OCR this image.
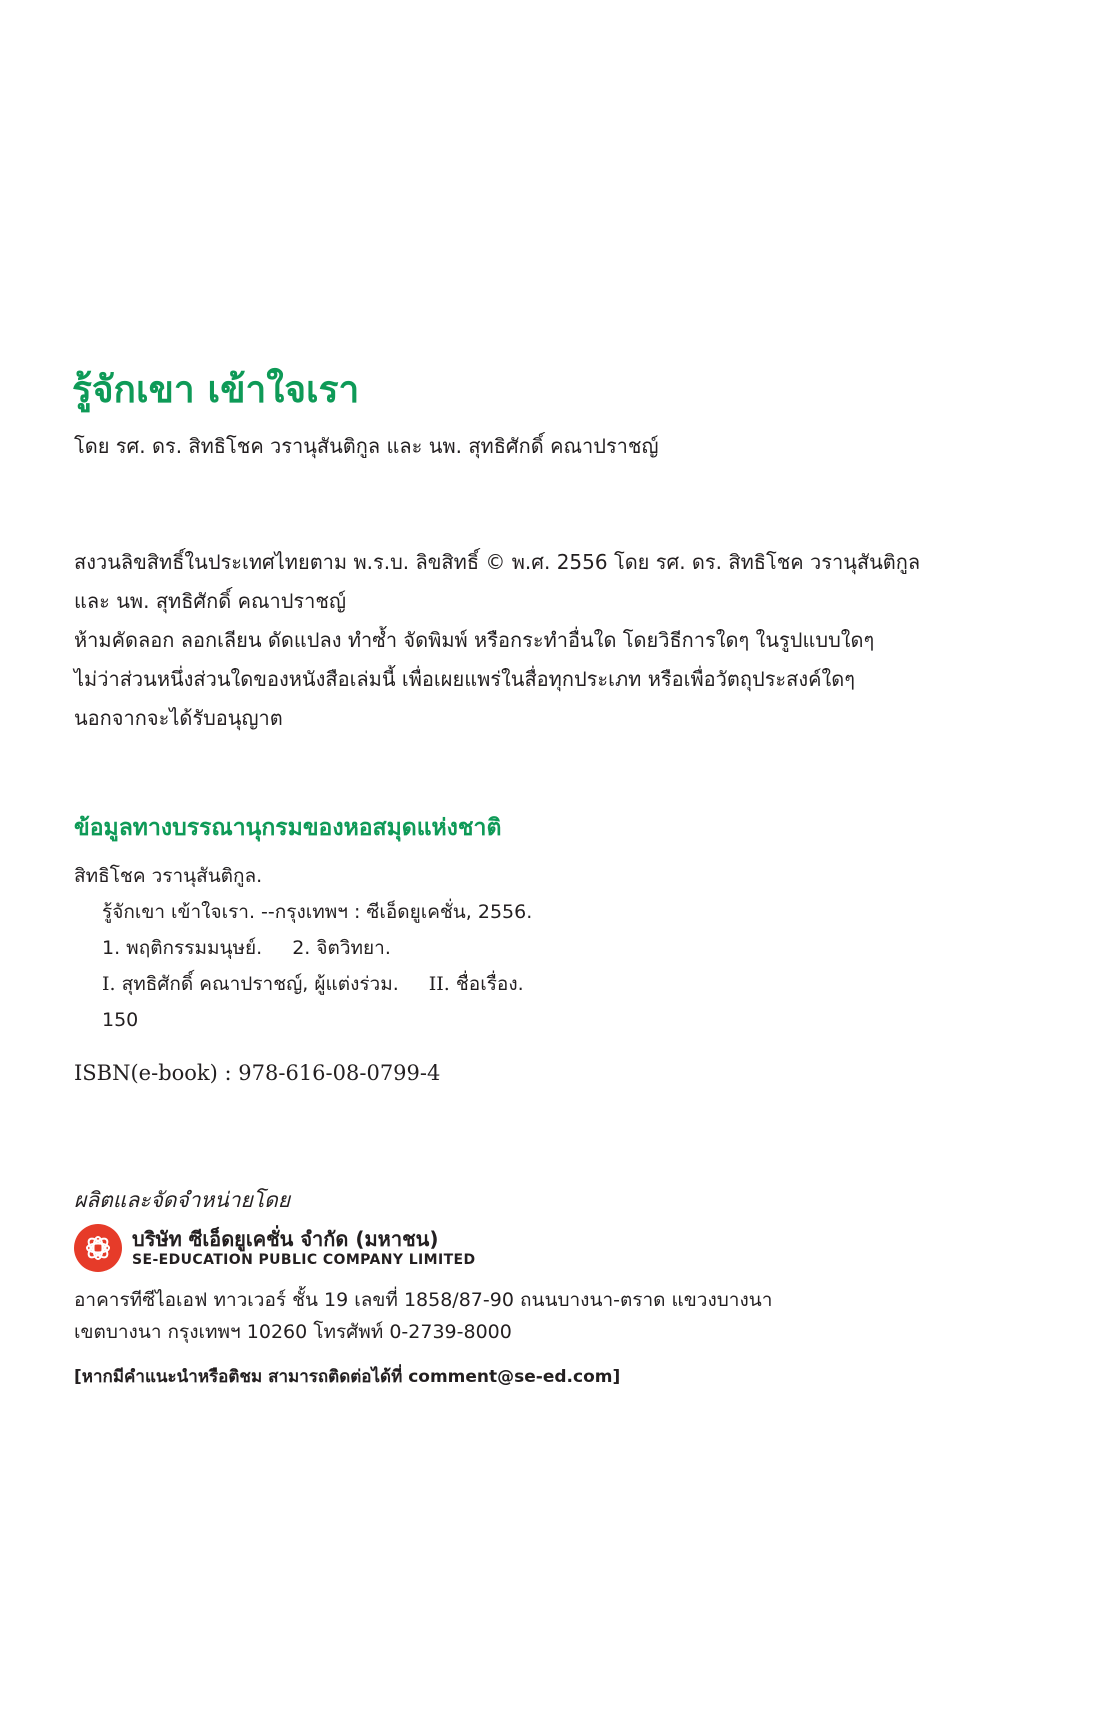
รู้จักเขา เข้าใจเรา
โดย รศ. ดร. สิทธิโชค วรานุสันติกูล และ นพ. สุทธิศักดิ์ คณาปราชญ์
สงวนลิขสิทธิ์ในประเทศไทยตาม พ.ร.บ. ลิขสิทธิ์ © พ.ศ. 2556 โดย รศ. ดร. สิทธิโชค วรานุสันติกูล
และ นพ. สุทธิศักดิ์ คณาปราชญ์
ห้ามคัดลอก ลอกเลียน ดัดแปลง ทำซ้ำ จัดพิมพ์ หรือกระทำอื่นใด โดยวิธีการใดๆ ในรูปแบบใดๆ
ไม่ว่าส่วนหนึ่งส่วนใดของหนังสือเล่มนี้ เพื่อเผยแพร่ในสื่อทุกประเภท หรือเพื่อวัตถุประสงค์ใดๆ
นอกจากจะได้รับอนุญาต
ข้อมูลทางบรรณานุกรมของหอสมุดแห่งชาติ
สิทธิโชค วรานุสันติกูล.
รู้จักเขา เข้าใจเรา. --กรุงเทพฯ : ซีเอ็ดยูเคชั่น, 2556.
1. พฤติกรรมมนุษย์. 2. จิตวิทยา.
I. สุทธิศักดิ์ คณาปราชญ์, ผู้แต่งร่วม. II. ชื่อเรื่อง.
150
ISBN(e-book) : 978-616-08-0799-4
ผลิตและจัดจำหน่ายโดย
บริษัท ซีเอ็ดยูเคชั่น จำกัด (มหาชน)
SE-EDUCATION PUBLIC COMPANY LIMITED
อาคารทีซีไอเอฟ ทาวเวอร์ ชั้น 19 เลขที่ 1858/87-90 ถนนบางนา-ตราด แขวงบางนา
เขตบางนา กรุงเทพฯ 10260 โทรศัพท์ 0-2739-8000
[หากมีคำแนะนำหรือติชม สามารถติดต่อได้ที่ comment@se-ed.com]
